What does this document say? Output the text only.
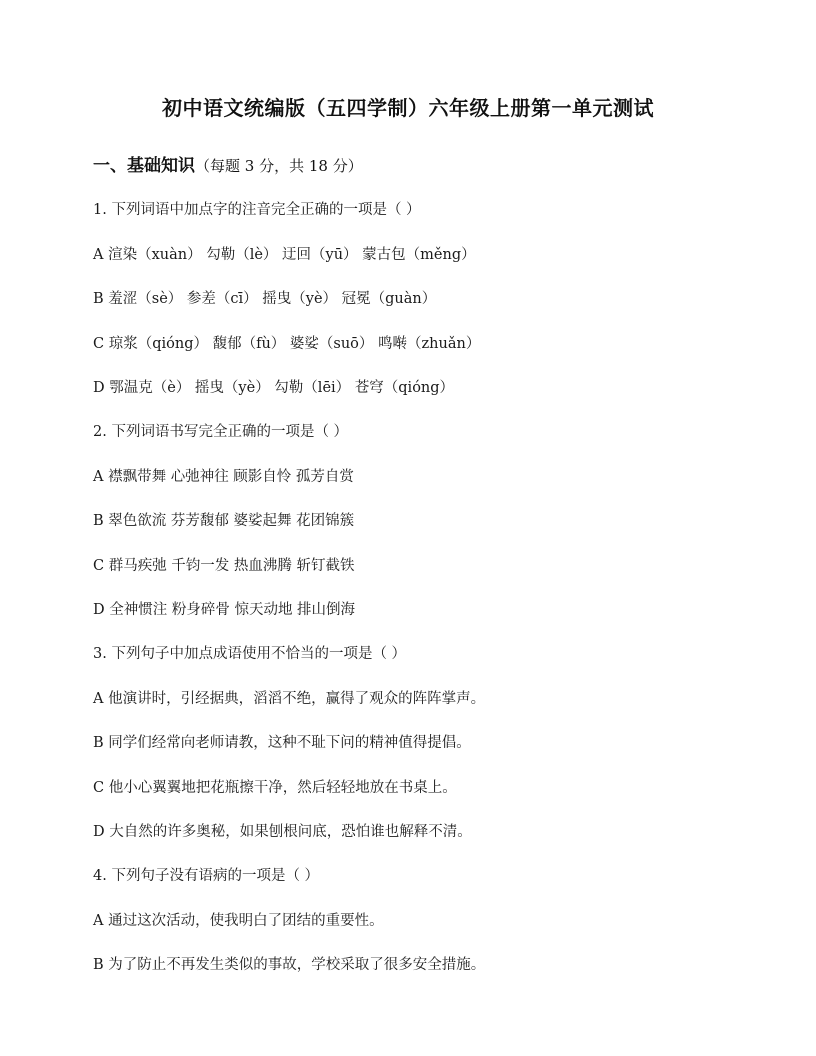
初中语文统编版（五四学制）六年级上册第一单元测试
一、基础知识（每题 3 分，共 18 分）
1. 下列词语中加点字的注音完全正确的一项是（ ）
A 渲染（xuàn） 勾勒（lè） 迂回（yū） 蒙古包（měng）
B 羞涩（sè） 参差（cī） 摇曳（yè） 冠冕（guàn）
C 琼浆（qióng） 馥郁（fù） 婆娑（suō） 鸣啭（zhuǎn）
D 鄂温克（è） 摇曳（yè） 勾勒（lēi） 苍穹（qióng）
2. 下列词语书写完全正确的一项是（ ）
A 襟飘带舞 心弛神往 顾影自怜 孤芳自赏
B 翠色欲流 芬芳馥郁 婆娑起舞 花团锦簇
C 群马疾弛 千钧一发 热血沸腾 斩钉截铁
D 全神惯注 粉身碎骨 惊天动地 排山倒海
3. 下列句子中加点成语使用不恰当的一项是（ ）
A 他演讲时，引经据典，滔滔不绝，赢得了观众的阵阵掌声。
B 同学们经常向老师请教，这种不耻下问的精神值得提倡。
C 他小心翼翼地把花瓶擦干净，然后轻轻地放在书桌上。
D 大自然的许多奥秘，如果刨根问底，恐怕谁也解释不清。
4. 下列句子没有语病的一项是（ ）
A 通过这次活动，使我明白了团结的重要性。
B 为了防止不再发生类似的事故，学校采取了很多安全措施。
